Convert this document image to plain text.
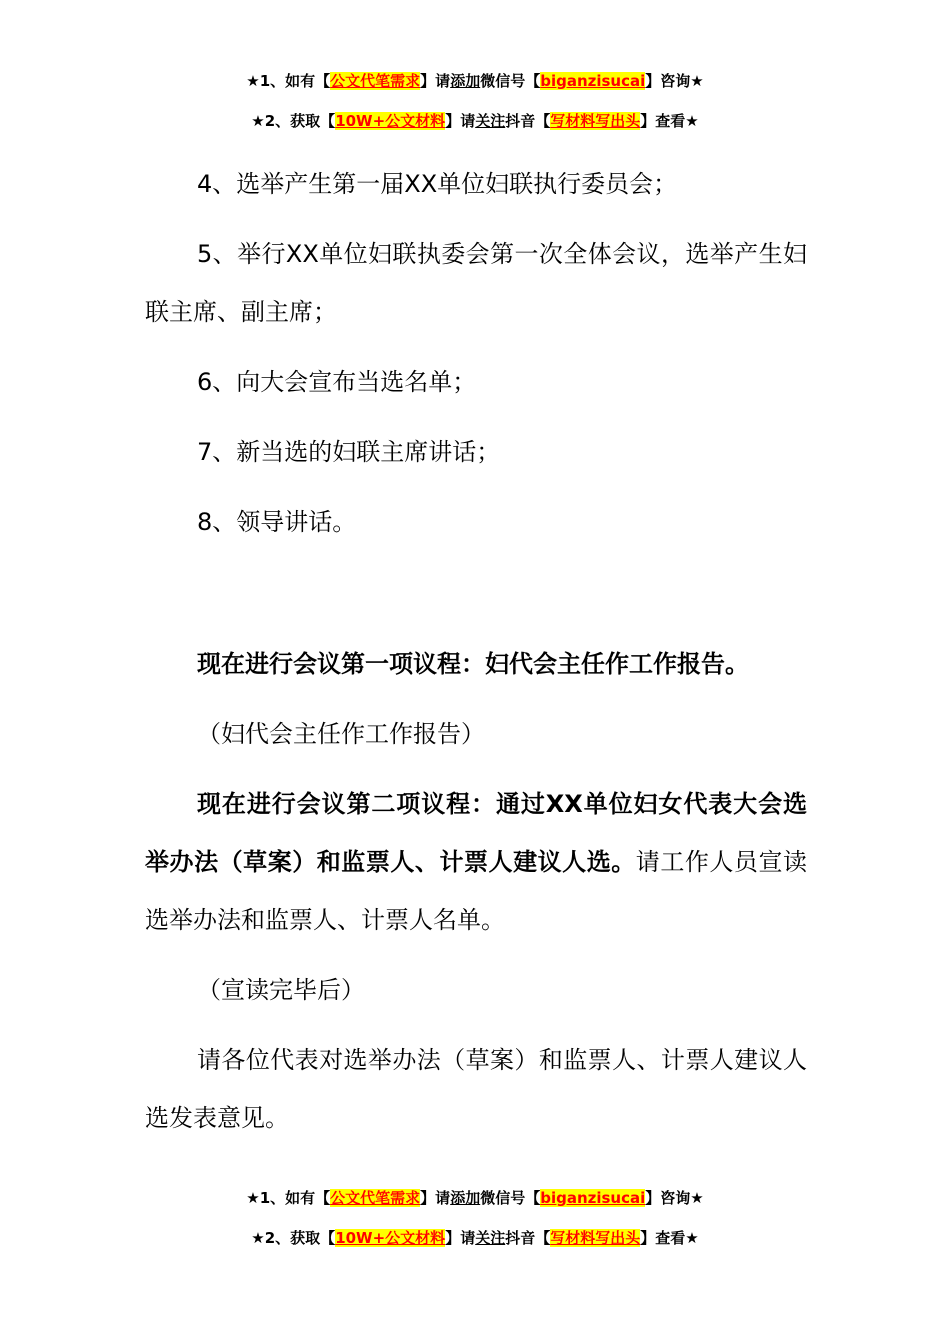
★1、如有【公文代笔需求】请添加微信号【biganzisucai】咨询★
★2、获取【10W+公文材料】请关注抖音【写材料写出头】查看★

4、选举产生第一届XX单位妇联执行委员会；

5、举行XX单位妇联执委会第一次全体会议，选举产生妇联主席、副主席；

6、向大会宣布当选名单；

7、新当选的妇联主席讲话；

8、领导讲话。

现在进行会议第一项议程：妇代会主任作工作报告。

（妇代会主任作工作报告）

现在进行会议第二项议程：通过XX单位妇女代表大会选举办法（草案）和监票人、计票人建议人选。请工作人员宣读选举办法和监票人、计票人名单。

（宣读完毕后）

请各位代表对选举办法（草案）和监票人、计票人建议人选发表意见。

★1、如有【公文代笔需求】请添加微信号【biganzisucai】咨询★
★2、获取【10W+公文材料】请关注抖音【写材料写出头】查看★
